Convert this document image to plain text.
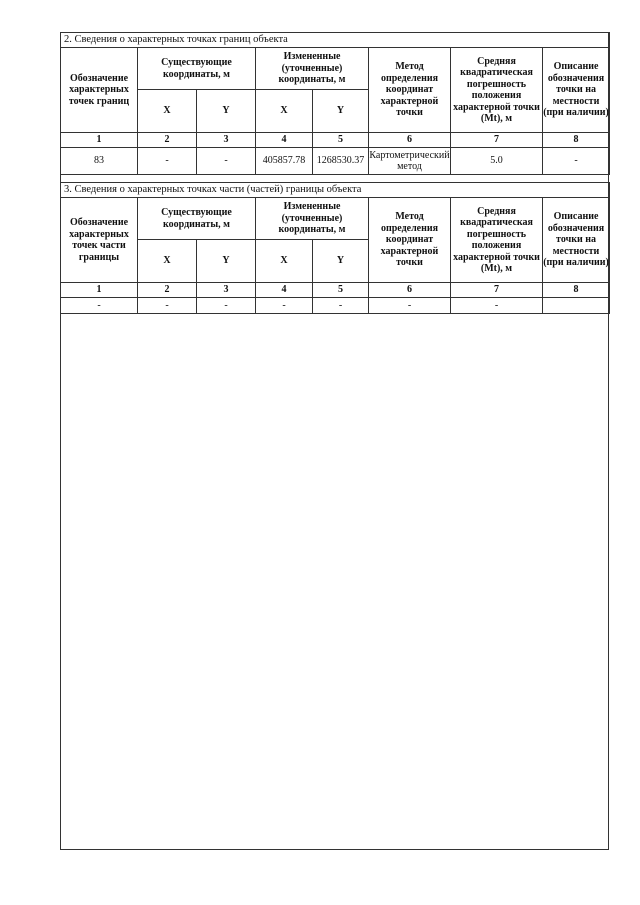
2. Сведения о характерных точках границ объекта							
Обозначение характерных точек границ	Существующие координаты, м		Измененные (уточненные) координаты, м		Метод определения координат характерной точки	Средняя квадратическая погрешность положения характерной точки (Mt), м	Описание обозначения точки на местности (при наличии)
	X	Y	X	Y			
1	2	3	4	5	6	7	8
83	-	-	405857.78	1268530.37	Картометрический метод	5.0	-
3. Сведения о характерных точках части (частей) границы объекта							
Обозначение характерных точек части границы	Существующие координаты, м		Измененные (уточненные) координаты, м		Метод определения координат характерной точки	Средняя квадратическая погрешность положения характерной точки (Mt), м	Описание обозначения точки на местности (при наличии)
	X	Y	X	Y			
1	2	3	4	5	6	7	8
-	-	-	-	-	-	-	
